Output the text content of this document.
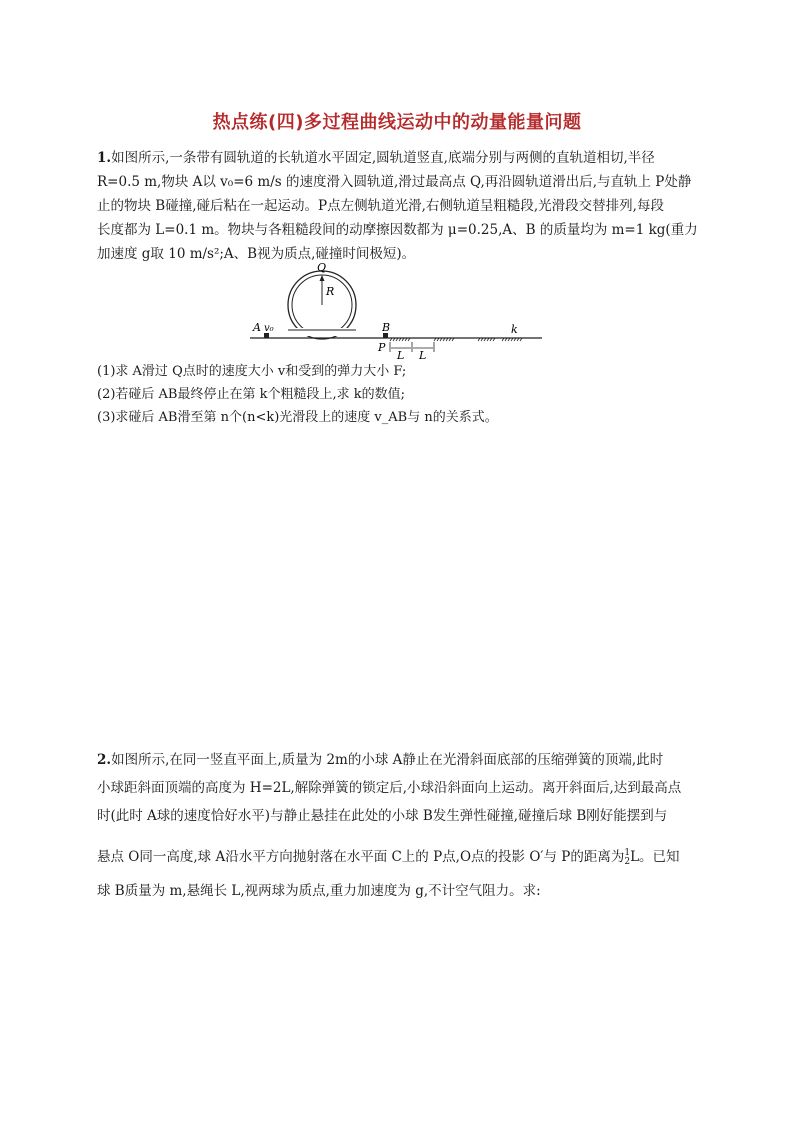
热点练(四)多过程曲线运动中的动量能量问题

1.如图所示,一条带有圆轨道的长轨道水平固定,圆轨道竖直,底端分别与两侧的直轨道相切,半径

R=0.5 m,物块 A以 v₀=6 m/s 的速度滑入圆轨道,滑过最高点 Q,再沿圆轨道滑出后,与直轨上 P处静

止的物块 B碰撞,碰后粘在一起运动。P点左侧轨道光滑,右侧轨道呈粗糙段,光滑段交替排列,每段

长度都为 L=0.1 m。物块与各粗糙段间的动摩擦因数都为 μ=0.25,A、B 的质量均为 m=1 kg(重力

加速度 g取 10 m/s²;A、B视为质点,碰撞时间极短)。

R
Q
A v₀	B
P
k
L L

(1)求 A滑过 Q点时的速度大小 v和受到的弹力大小 F;

(2)若碰后 AB最终停止在第 k个粗糙段上,求 k的数值;

(3)求碰后 AB滑至第 n个(n<k)光滑段上的速度 v_AB与 n的关系式。

2.如图所示,在同一竖直平面上,质量为 2m的小球 A静止在光滑斜面底部的压缩弹簧的顶端,此时

小球距斜面顶端的高度为 H=2L,解除弹簧的锁定后,小球沿斜面向上运动。离开斜面后,达到最高点

时(此时 A球的速度恰好水平)与静止悬挂在此处的小球 B发生弹性碰撞,碰撞后球 B刚好能摆到与

悬点 O同一高度,球 A沿水平方向抛射落在水平面 C上的 P点,O点的投影 O′与 P的距离为1
2L。已知

球 B质量为 m,悬绳长 L,视两球为质点,重力加速度为 g,不计空气阻力。求:
